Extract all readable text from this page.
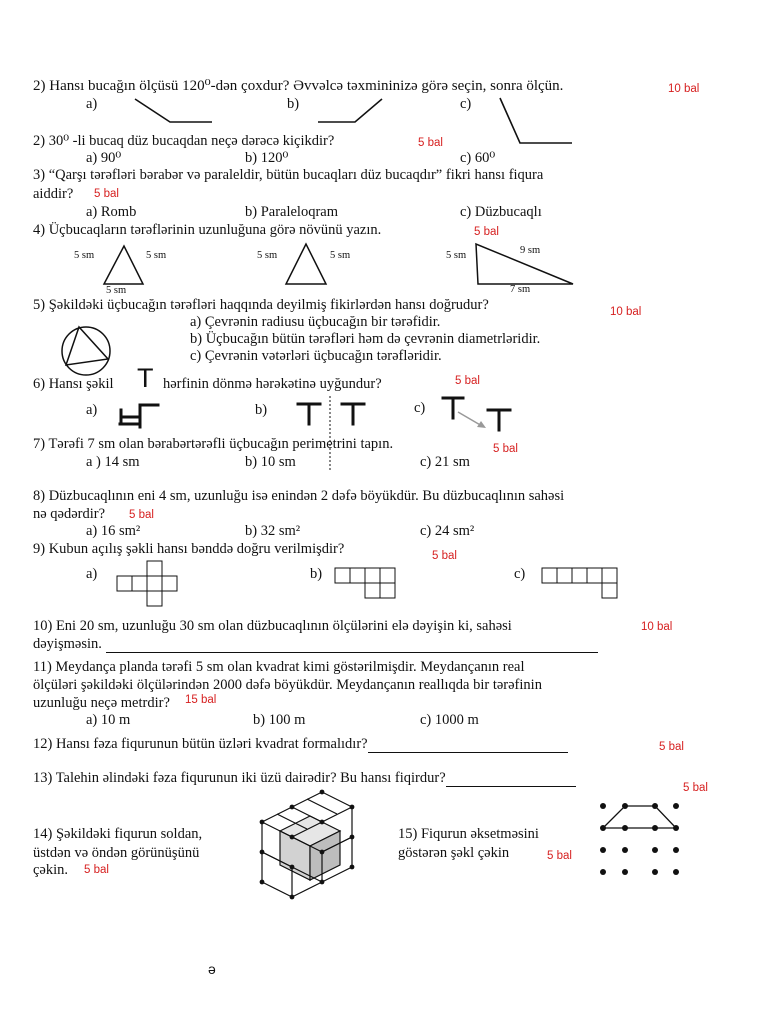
2) Hansı bucağın ölçüsü 120⁰-dən çoxdur? Əvvəlcə təxmininizə görə seçin, sonra ölçün.	10 bal
a)	b)	c)
2) 30⁰ -li bucaq düz bucaqdan neçə dərəcə kiçikdir?	5 bal
a) 90⁰	b) 120⁰	c) 60⁰
3) “Qarşı tərəfləri bərabər və paraleldir, bütün bucaqları düz bucaqdır” fikri hansı fiqura
aiddir? 5 bal
a) Romb	b) Paraleloqram	c) Düzbucaqlı
4) Üçbucaqların tərəflərinin uzunluğuna görə növünü yazın.	5 bal
5 sm	5 sm
5 sm
5 sm	5 sm	5 sm	9 sm
7 sm
5) Şəkildəki üçbucağın tərəfləri haqqında deyilmiş fikirlərdən hansı doğrudur?	10 bal
a) Çevrənin radiusu üçbucağın bir tərəfidir.
b) Üçbucağın bütün tərəfləri həm də çevrənin diametrləridir.
c) Çevrənin vətərləri üçbucağın tərəfləridir.
6) Hansı şəkil T hərfinin dönmə hərəkətinə uyğundur?	5 bal
a)	b)	c)
7) Tərəfi 7 sm olan bərabərtərəfli üçbucağın perimetrini tapın.	5 bal
a ) 14 sm	b) 10 sm	c) 21 sm
8) Düzbucaqlının eni 4 sm, uzunluğu isə enindən 2 dəfə böyükdür. Bu düzbucaqlının sahəsi
nə qədərdir? 5 bal
a) 16 sm²	b) 32 sm²	c) 24 sm²
9) Kubun açılış şəkli hansı bənddə doğru verilmişdir?	5 bal
a)	b)	c)
10) Eni 20 sm, uzunluğu 30 sm olan düzbucaqlının ölçülərini elə dəyişin ki, sahəsi	10 bal
dəyişməsin.
11) Meydança planda tərəfi 5 sm olan kvadrat kimi göstərilmişdir. Meydançanın real
ölçüləri şəkildəki ölçülərindən 2000 dəfə böyükdür. Meydançanın reallıqda bir tərəfinin
uzunluğu neçə metrdir? 15 bal
a) 10 m	b) 100 m	c) 1000 m
12) Hansı fəza fiqurunun bütün üzləri kvadrat formalıdır?	5 bal
13) Talehin əlindəki fəza fiqurunun iki üzü dairədir? Bu hansı fiqirdur?
5 bal
14) Şəkildəki fiqurun soldan,
üstdən və öndən görünüşünü
çəkin. 5 bal
15) Fiqurun əksetməsini
göstərən şəkl çəkin	5 bal
ə
